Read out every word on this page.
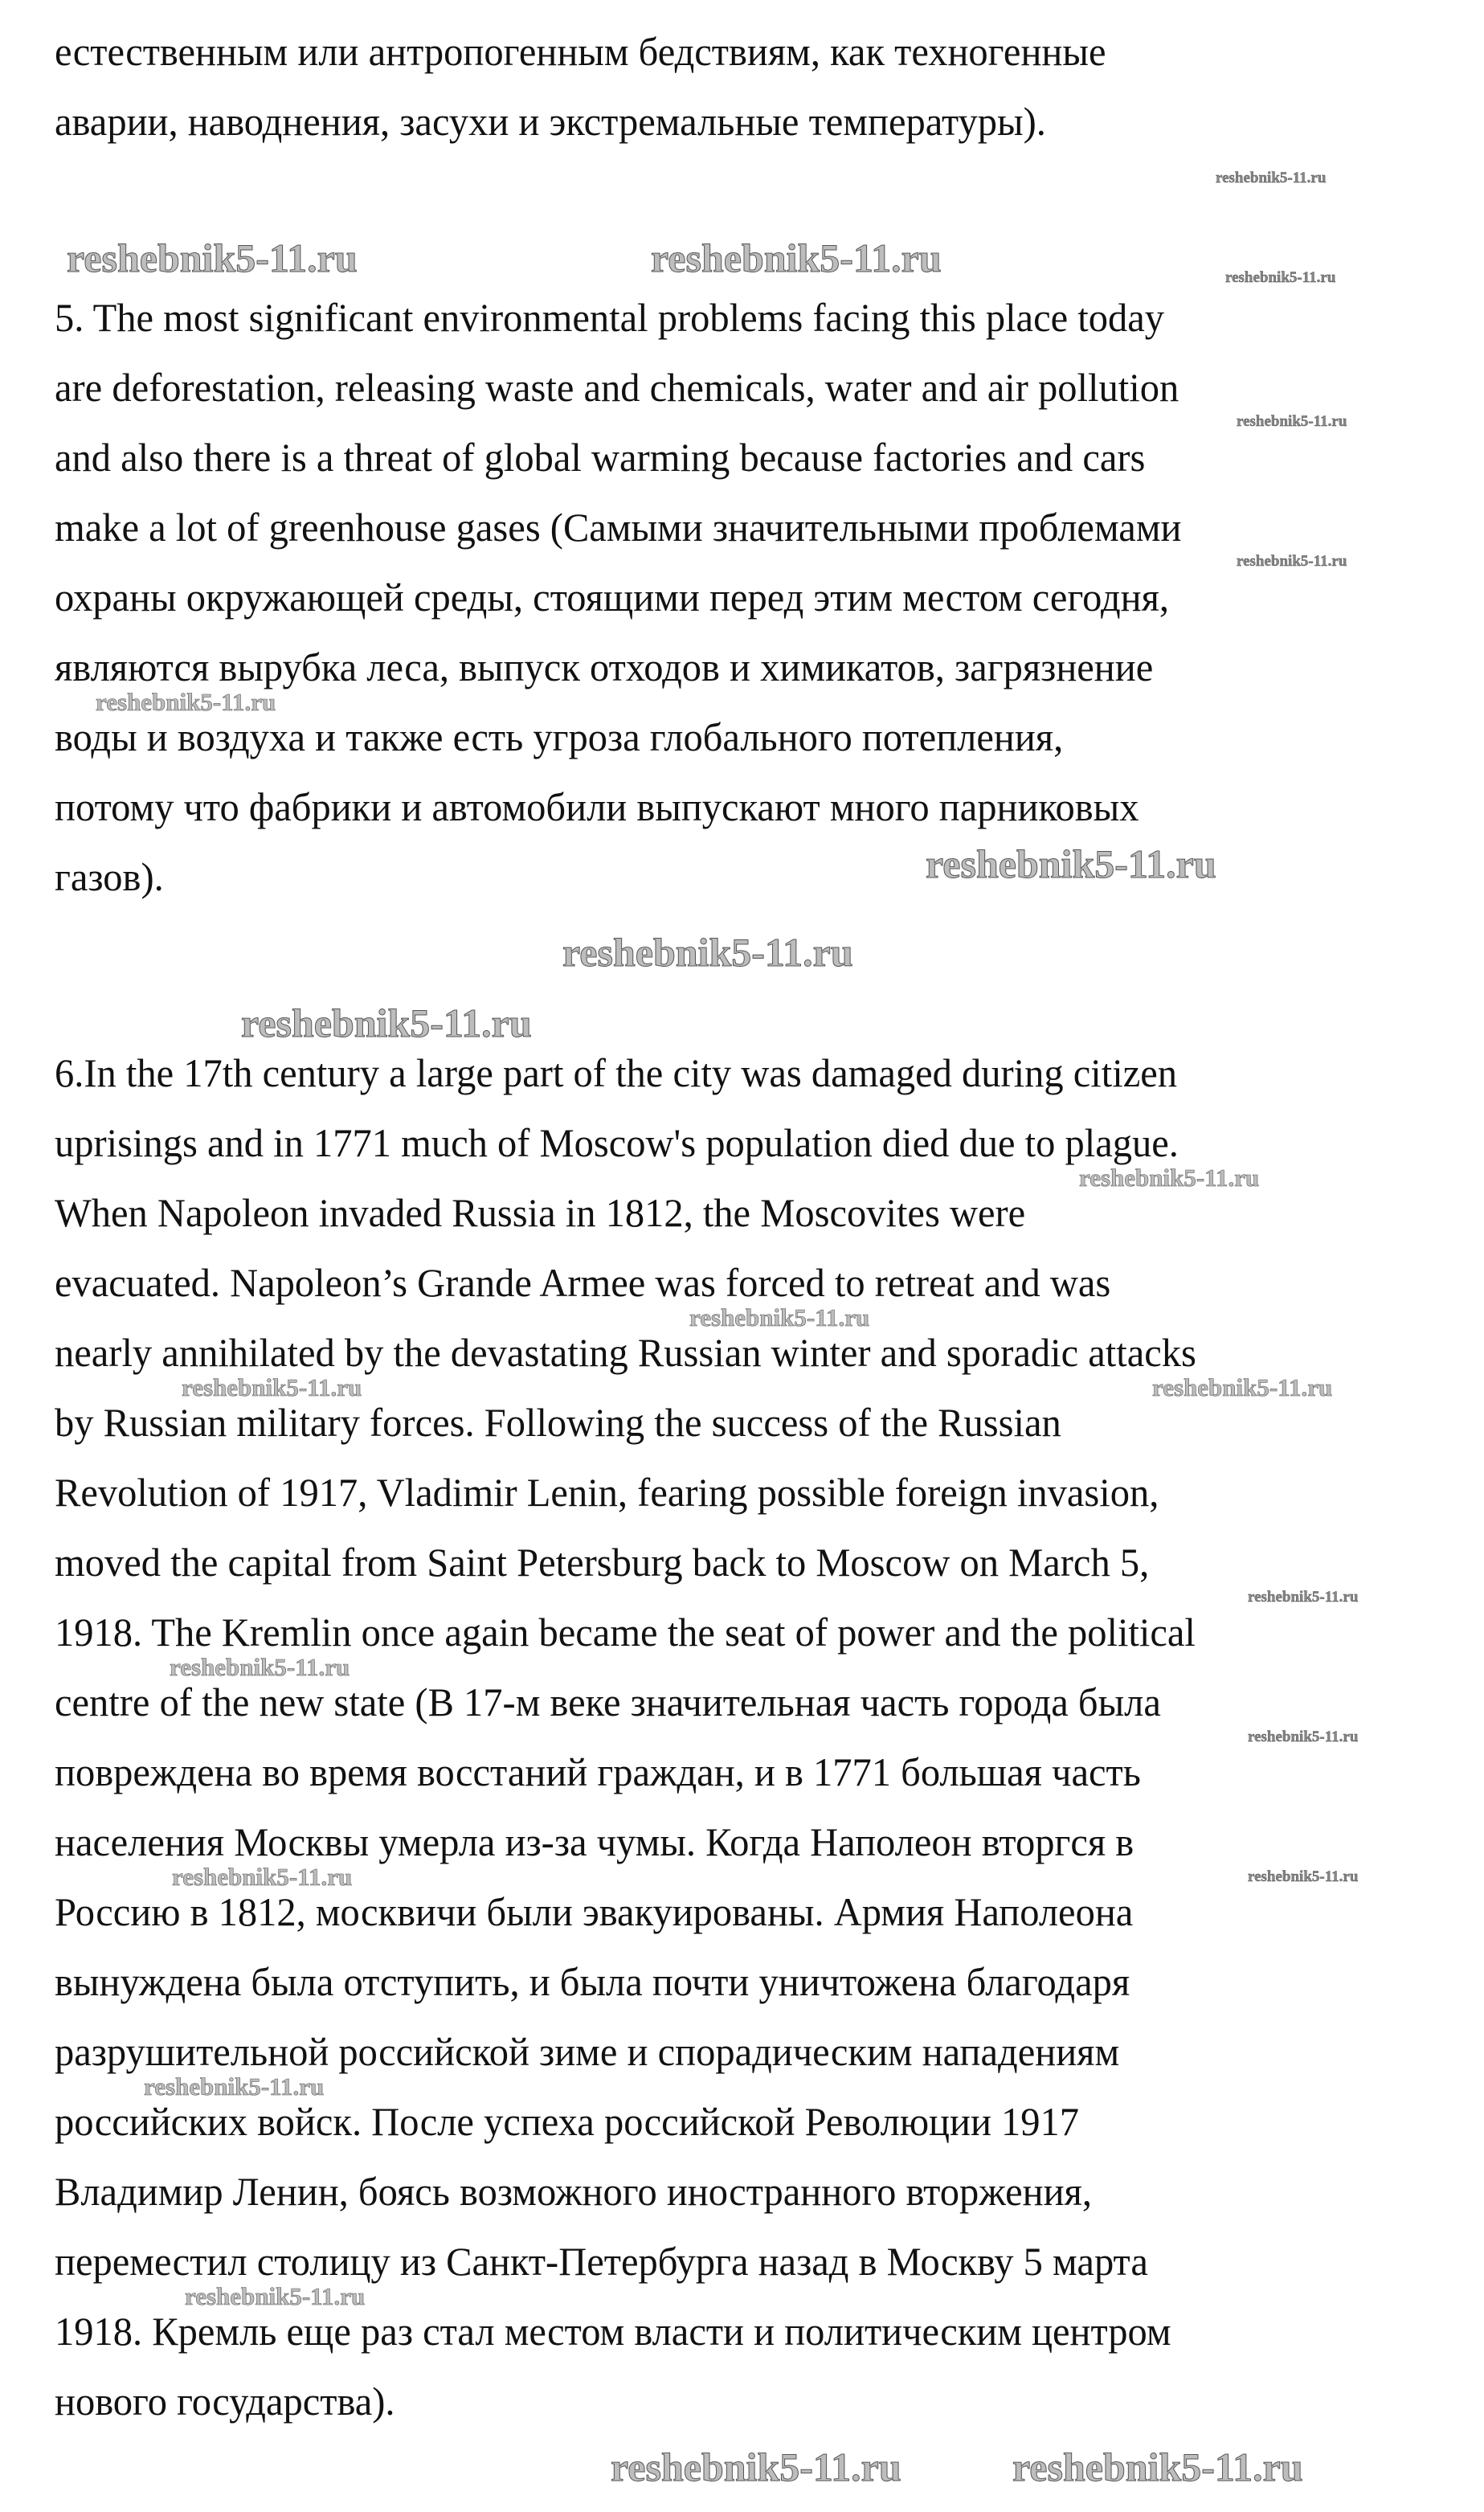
естественным или антропогенным бедствиям, как техногенные
аварии, наводнения, засухи и экстремальные температуры).
5. The most significant environmental problems facing this place today
are deforestation, releasing waste and chemicals, water and air pollution
and also there is a threat of global warming because factories and cars
make a lot of greenhouse gases (Самыми значительными проблемами
охраны окружающей среды, стоящими перед этим местом сегодня,
являются вырубка леса, выпуск отходов и химикатов, загрязнение
воды и воздуха и также есть угроза глобального потепления,
потому что фабрики и автомобили выпускают много парниковых
газов).
6.In the 17th century a large part of the city was damaged during citizen
uprisings and in 1771 much of Moscow's population died due to plague.
When Napoleon invaded Russia in 1812, the Moscovites were
evacuated. Napoleon’s Grande Armee was forced to retreat and was
nearly annihilated by the devastating Russian winter and sporadic attacks
by Russian military forces. Following the success of the Russian
Revolution of 1917, Vladimir Lenin, fearing possible foreign invasion,
moved the capital from Saint Petersburg back to Moscow on March 5,
1918. The Kremlin once again became the seat of power and the political
centre of the new state (В 17-м веке значительная часть города была
повреждена во время восстаний граждан, и в 1771 большая часть
населения Москвы умерла из-за чумы. Когда Наполеон вторгся в
Россию в 1812, москвичи были эвакуированы. Армия Наполеона
вынуждена была отступить, и была почти уничтожена благодаря
разрушительной российской зиме и спорадическим нападениям
российских войск. После успеха российской Революции 1917
Владимир Ленин, боясь возможного иностранного вторжения,
переместил столицу из Санкт-Петербурга назад в Москву 5 марта
1918. Кремль еще раз стал местом власти и политическим центром
нового государства).
reshebnik5-11.ru
reshebnik5-11.ru	reshebnik5-11.ru	reshebnik5-11.ru
reshebnik5-11.ru
reshebnik5-11.ru
reshebnik5-11.ru
reshebnik5-11.ru
reshebnik5-11.ru
reshebnik5-11.ru
reshebnik5-11.ru
reshebnik5-11.ru
reshebnik5-11.ru	reshebnik5-11.ru
reshebnik5-11.ru
reshebnik5-11.ru
reshebnik5-11.ru
reshebnik5-11.ru	reshebnik5-11.ru
reshebnik5-11.ru
reshebnik5-11.ru
reshebnik5-11.ru	reshebnik5-11.ru
